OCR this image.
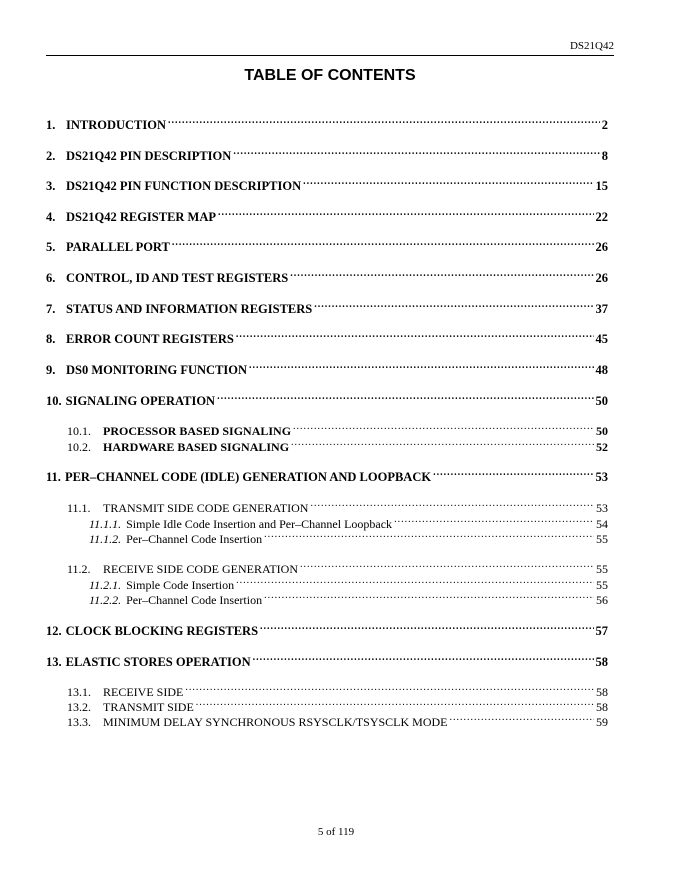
DS21Q42
TABLE OF CONTENTS
1. INTRODUCTION .....	2
2. DS21Q42 PIN DESCRIPTION .....	8
3. DS21Q42 PIN FUNCTION DESCRIPTION .....	15
4. DS21Q42 REGISTER MAP .....	22
5. PARALLEL PORT .....	26
6. CONTROL, ID AND TEST REGISTERS .....	26
7. STATUS AND INFORMATION REGISTERS .....	37
8. ERROR COUNT REGISTERS .....	45
9. DS0 MONITORING FUNCTION .....	48
10. SIGNALING OPERATION .....	50
10.1.	PROCESSOR BASED SIGNALING .....	50
10.2.	HARDWARE BASED SIGNALING .....	52
11. PER–CHANNEL CODE (IDLE) GENERATION AND LOOPBACK .....	53
11.1.	TRANSMIT SIDE CODE GENERATION .....	53
11.1.1. Simple Idle Code Insertion and Per–Channel Loopback .....	54
11.1.2. Per–Channel Code Insertion .....	55
11.2.	RECEIVE SIDE CODE GENERATION .....	55
11.2.1. Simple Code Insertion .....	55
11.2.2. Per–Channel Code Insertion .....	56
12. CLOCK BLOCKING REGISTERS .....	57
13. ELASTIC STORES OPERATION .....	58
13.1.	RECEIVE SIDE .....	58
13.2.	TRANSMIT SIDE .....	58
13.3.	MINIMUM DELAY SYNCHRONOUS RSYSCLK/TSYSCLK MODE .....	59
5 of 119
